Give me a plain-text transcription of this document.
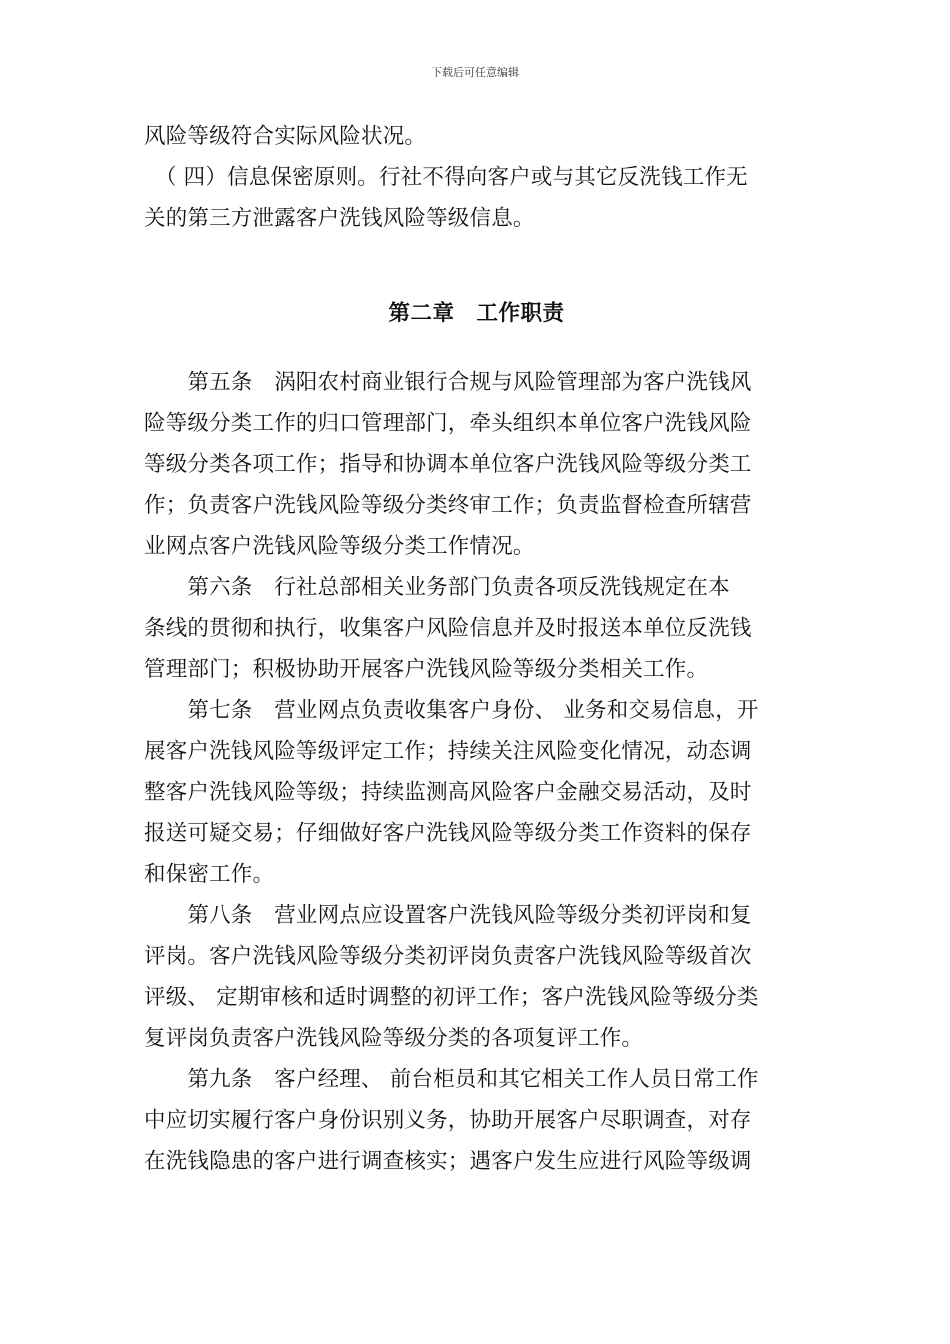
下载后可任意编辑
风险等级符合实际风险状况。
　（ 四）信息保密原则。行社不得向客户或与其它反洗钱工作无
关的第三方泄露客户洗钱风险等级信息。
第二章　工作职责
　　第五条　涡阳农村商业银行合规与风险管理部为客户洗钱风
险等级分类工作的归口管理部门，牵头组织本单位客户洗钱风险
等级分类各项工作；指导和协调本单位客户洗钱风险等级分类工
作；负责客户洗钱风险等级分类终审工作；负责监督检查所辖营
业网点客户洗钱风险等级分类工作情况。
　　第六条　行社总部相关业务部门负责各项反洗钱规定在本
条线的贯彻和执行，收集客户风险信息并及时报送本单位反洗钱
管理部门；积极协助开展客户洗钱风险等级分类相关工作。
　　第七条　营业网点负责收集客户身份、 业务和交易信息，开
展客户洗钱风险等级评定工作；持续关注风险变化情况，动态调
整客户洗钱风险等级；持续监测高风险客户金融交易活动，及时
报送可疑交易；仔细做好客户洗钱风险等级分类工作资料的保存
和保密工作。
　　第八条　营业网点应设置客户洗钱风险等级分类初评岗和复
评岗。客户洗钱风险等级分类初评岗负责客户洗钱风险等级首次
评级、 定期审核和适时调整的初评工作；客户洗钱风险等级分类
复评岗负责客户洗钱风险等级分类的各项复评工作。
　　第九条　客户经理、 前台柜员和其它相关工作人员日常工作
中应切实履行客户身份识别义务，协助开展客户尽职调查，对存
在洗钱隐患的客户进行调查核实；遇客户发生应进行风险等级调
